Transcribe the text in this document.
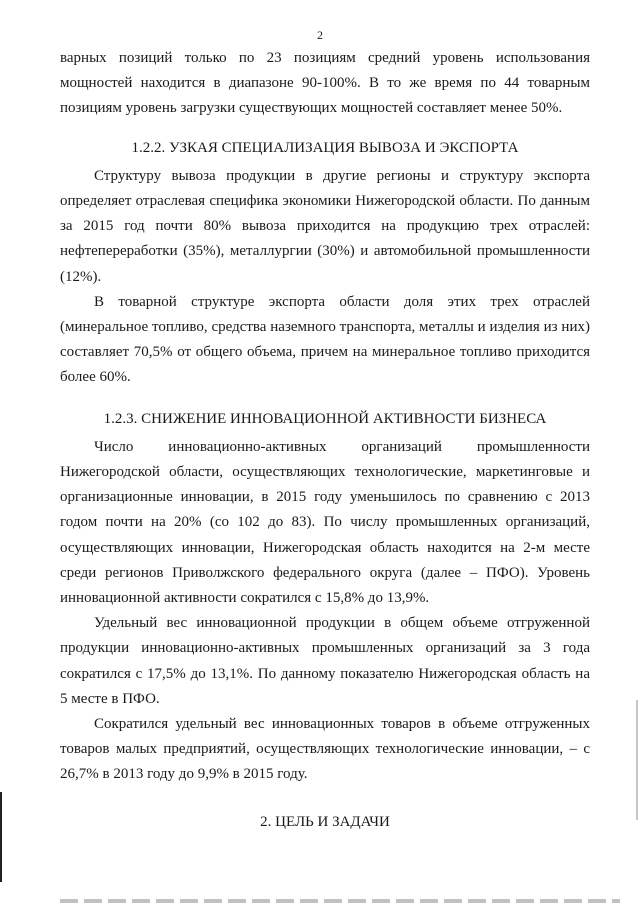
2

варных позиций только по 23 позициям средний уровень использования мощностей находится в диапазоне 90-100%. В то же время по 44 товарным позициям уровень загрузки существующих мощностей составляет менее 50%.

1.2.2. УЗКАЯ СПЕЦИАЛИЗАЦИЯ ВЫВОЗА И ЭКСПОРТА

Структуру вывоза продукции в другие регионы и структуру экспорта определяет отраслевая специфика экономики Нижегородской области. По данным за 2015 год почти 80% вывоза приходится на продукцию трех отраслей: нефтепереработки (35%), металлургии (30%) и автомобильной промышленности (12%).

В товарной структуре экспорта области доля этих трех отраслей (минеральное топливо, средства наземного транспорта, металлы и изделия из них) составляет 70,5% от общего объема, причем на минеральное топливо приходится более 60%.

1.2.3. СНИЖЕНИЕ ИННОВАЦИОННОЙ АКТИВНОСТИ БИЗНЕСА

Число инновационно-активных организаций промышленности Нижегородской области, осуществляющих технологические, маркетинговые и организационные инновации, в 2015 году уменьшилось по сравнению с 2013 годом почти на 20% (со 102 до 83). По числу промышленных организаций, осуществляющих инновации, Нижегородская область находится на 2-м месте среди регионов Приволжского федерального округа (далее – ПФО). Уровень инновационной активности сократился с 15,8% до 13,9%.

Удельный вес инновационной продукции в общем объеме отгруженной продукции инновационно-активных промышленных организаций за 3 года сократился с 17,5% до 13,1%. По данному показателю Нижегородская область на 5 месте в ПФО.

Сократился удельный вес инновационных товаров в объеме отгруженных товаров малых предприятий, осуществляющих технологические инновации, – с 26,7% в 2013 году до 9,9% в 2015 году.

2. ЦЕЛЬ И ЗАДАЧИ
